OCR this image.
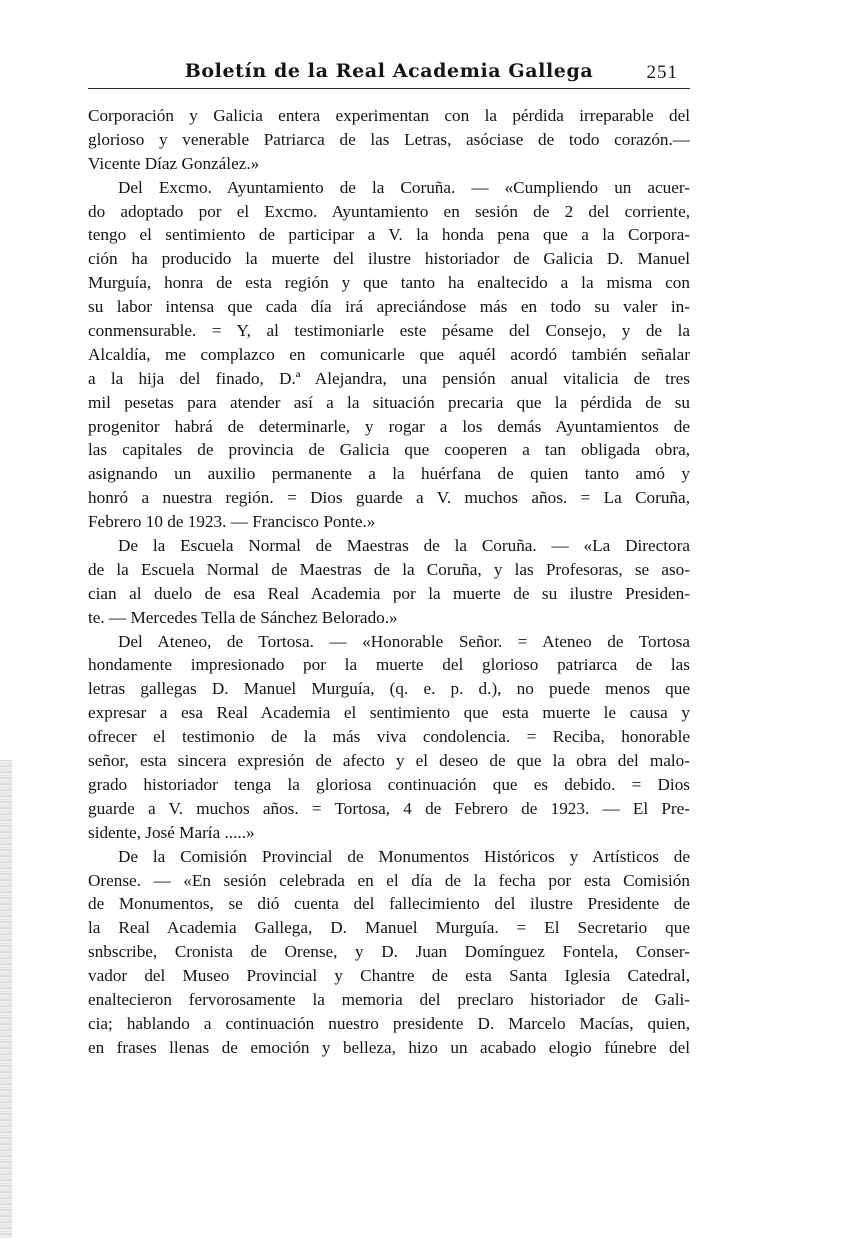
Boletín de la Real Academia Gallega	251
Corporación y Galicia entera experimentan con la pérdida irreparable del
glorioso y venerable Patriarca de las Letras, asóciase de todo corazón.—
Vicente Díaz González.»
Del Excmo. Ayuntamiento de la Coruña. — «Cumpliendo un acuer-
do adoptado por el Excmo. Ayuntamiento en sesión de 2 del corriente,
tengo el sentimiento de participar a V. la honda pena que a la Corpora-
ción ha producido la muerte del ilustre historiador de Galicia D. Manuel
Murguía, honra de esta región y que tanto ha enaltecido a la misma con
su labor intensa que cada día irá apreciándose más en todo su valer in-
conmensurable. = Y, al testimoniarle este pésame del Consejo, y de la
Alcaldía, me complazco en comunicarle que aquél acordó también señalar
a la hija del finado, D.ª Alejandra, una pensión anual vitalicia de tres
mil pesetas para atender así a la situación precaria que la pérdida de su
progenitor habrá de determinarle, y rogar a los demás Ayuntamientos de
las capitales de provincia de Galicia que cooperen a tan obligada obra,
asignando un auxilio permanente a la huérfana de quien tanto amó y
honró a nuestra región. = Dios guarde a V. muchos años. = La Coruña,
Febrero 10 de 1923. — Francisco Ponte.»
De la Escuela Normal de Maestras de la Coruña. — «La Directora
de la Escuela Normal de Maestras de la Coruña, y las Profesoras, se aso-
cian al duelo de esa Real Academia por la muerte de su ilustre Presiden-
te. — Mercedes Tella de Sánchez Belorado.»
Del Ateneo, de Tortosa. — «Honorable Señor. = Ateneo de Tortosa
hondamente impresionado por la muerte del glorioso patriarca de las
letras gallegas D. Manuel Murguía, (q. e. p. d.), no puede menos que
expresar a esa Real Academia el sentimiento que esta muerte le causa y
ofrecer el testimonio de la más viva condolencia. = Reciba, honorable
señor, esta sincera expresión de afecto y el deseo de que la obra del malo-
grado historiador tenga la gloriosa continuación que es debido. = Dios
guarde a V. muchos años. = Tortosa, 4 de Febrero de 1923. — El Pre-
sidente, José María .....»
De la Comisión Provincial de Monumentos Históricos y Artísticos de
Orense. — «En sesión celebrada en el día de la fecha por esta Comisión
de Monumentos, se dió cuenta del fallecimiento del ilustre Presidente de
la Real Academia Gallega, D. Manuel Murguía. = El Secretario que
snbscribe, Cronista de Orense, y D. Juan Domínguez Fontela, Conser-
vador del Museo Provincial y Chantre de esta Santa Iglesia Catedral,
enaltecieron fervorosamente la memoria del preclaro historiador de Gali-
cia; hablando a continuación nuestro presidente D. Marcelo Macías, quien,
en frases llenas de emoción y belleza, hizo un acabado elogio fúnebre del
